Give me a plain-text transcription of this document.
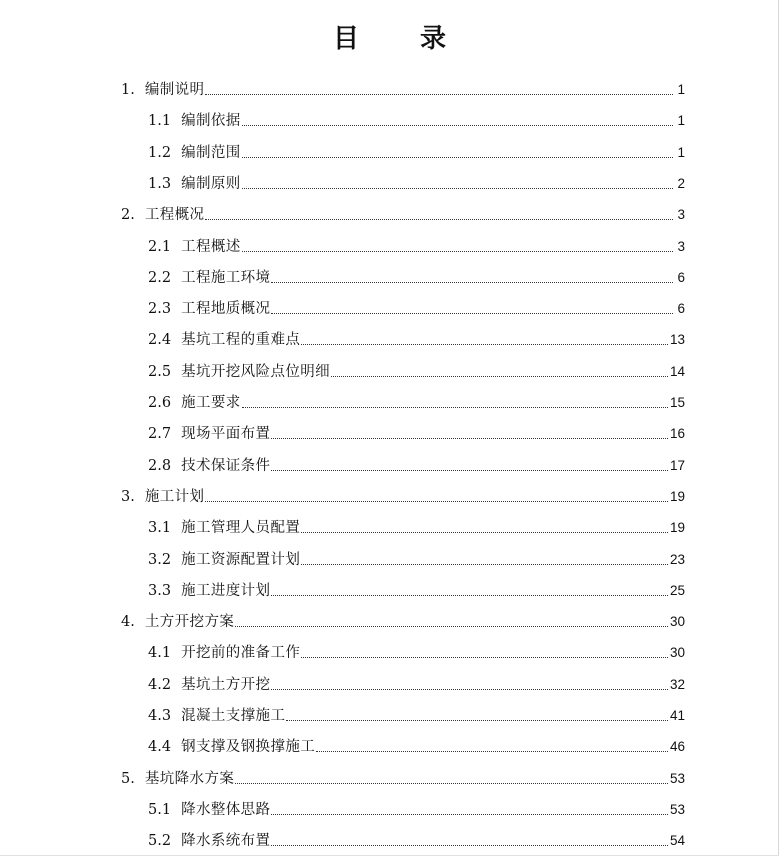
目 录
1. 编制说明	1
1.1 编制依据	1
1.2 编制范围	1
1.3 编制原则	2
2. 工程概况	3
2.1 工程概述	3
2.2 工程施工环境	6
2.3 工程地质概况	6
2.4 基坑工程的重难点	13
2.5 基坑开挖风险点位明细	14
2.6 施工要求	15
2.7 现场平面布置	16
2.8 技术保证条件	17
3. 施工计划	19
3.1 施工管理人员配置	19
3.2 施工资源配置计划	23
3.3 施工进度计划	25
4. 土方开挖方案	30
4.1 开挖前的准备工作	30
4.2 基坑土方开挖	32
4.3 混凝土支撑施工	41
4.4 钢支撑及钢换撑施工	46
5. 基坑降水方案	53
5.1 降水整体思路	53
5.2 降水系统布置	54
